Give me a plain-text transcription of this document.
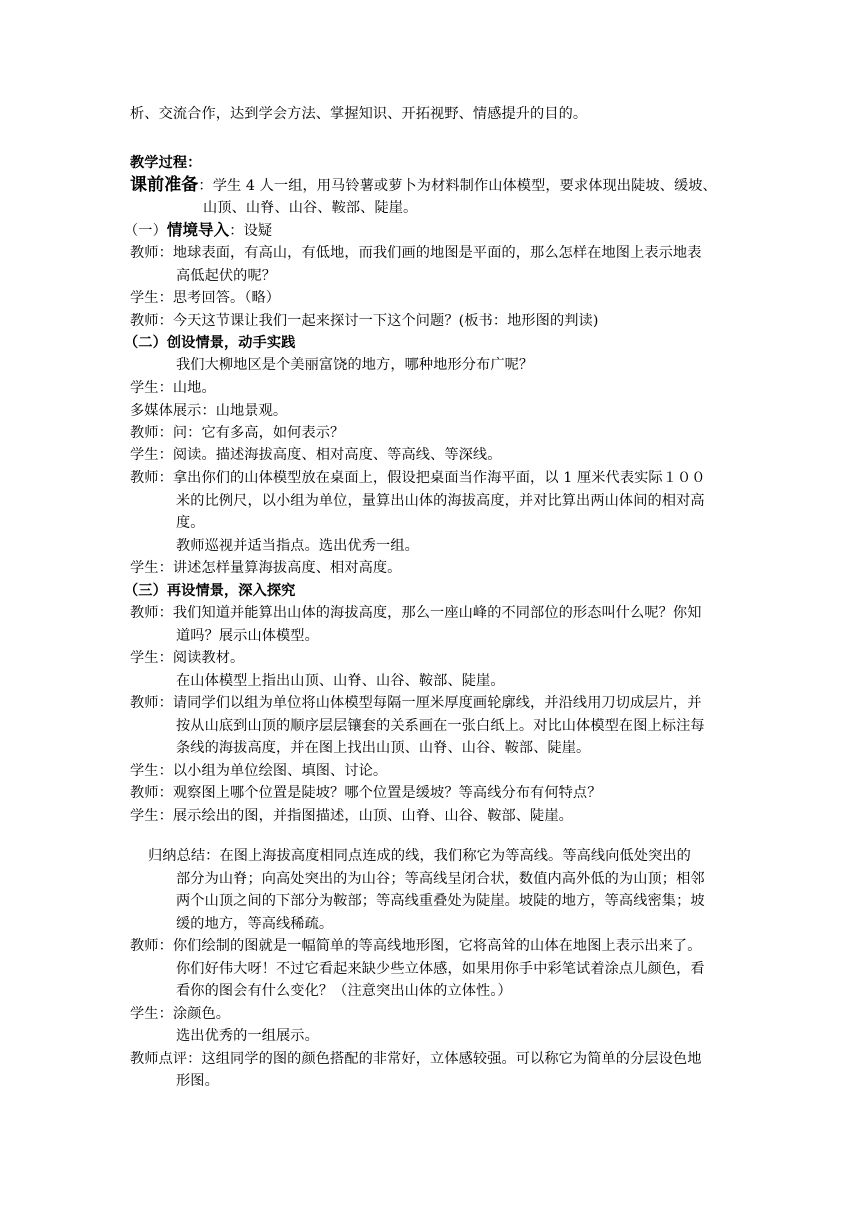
析、交流合作，达到学会方法、掌握知识、开拓视野、情感提升的目的。
教学过程：
课前准备：学生 4 人一组，用马铃薯或萝卜为材料制作山体模型，要求体现出陡坡、缓坡、
山顶、山脊、山谷、鞍部、陡崖。
（一）情境导入：设疑
教师：地球表面，有高山，有低地，而我们画的地图是平面的，那么怎样在地图上表示地表
高低起伏的呢？
学生：思考回答。（略）
教师：今天这节课让我们一起来探讨一下这个问题？(板书：地形图的判读)
（二）创设情景，动手实践
我们大柳地区是个美丽富饶的地方，哪种地形分布广呢？
学生：山地。
多媒体展示：山地景观。
教师：问：它有多高，如何表示？
学生：阅读。描述海拔高度、相对高度、等高线、等深线。
教师：拿出你们的山体模型放在桌面上，假设把桌面当作海平面，以 1 厘米代表实际１００
米的比例尺，以小组为单位，量算出山体的海拔高度，并对比算出两山体间的相对高
度。
教师巡视并适当指点。选出优秀一组。
学生：讲述怎样量算海拔高度、相对高度。
（三）再设情景，深入探究
教师：我们知道并能算出山体的海拔高度，那么一座山峰的不同部位的形态叫什么呢？你知
道吗？展示山体模型。
学生：阅读教材。
在山体模型上指出山顶、山脊、山谷、鞍部、陡崖。
教师：请同学们以组为单位将山体模型每隔一厘米厚度画轮廓线，并沿线用刀切成层片，并
按从山底到山顶的顺序层层镶套的关系画在一张白纸上。对比山体模型在图上标注每
条线的海拔高度，并在图上找出山顶、山脊、山谷、鞍部、陡崖。
学生：以小组为单位绘图、填图、讨论。
教师：观察图上哪个位置是陡坡？哪个位置是缓坡？等高线分布有何特点？
学生：展示绘出的图，并指图描述，山顶、山脊、山谷、鞍部、陡崖。
归纳总结：在图上海拔高度相同点连成的线，我们称它为等高线。等高线向低处突出的
部分为山脊；向高处突出的为山谷；等高线呈闭合状，数值内高外低的为山顶；相邻
两个山顶之间的下部分为鞍部；等高线重叠处为陡崖。坡陡的地方，等高线密集；坡
缓的地方，等高线稀疏。
教师：你们绘制的图就是一幅简单的等高线地形图，它将高耸的山体在地图上表示出来了。
你们好伟大呀！不过它看起来缺少些立体感，如果用你手中彩笔试着涂点儿颜色，看
看你的图会有什么变化？（注意突出山体的立体性。）
学生：涂颜色。
选出优秀的一组展示。
教师点评：这组同学的图的颜色搭配的非常好，立体感较强。可以称它为简单的分层设色地
形图。
